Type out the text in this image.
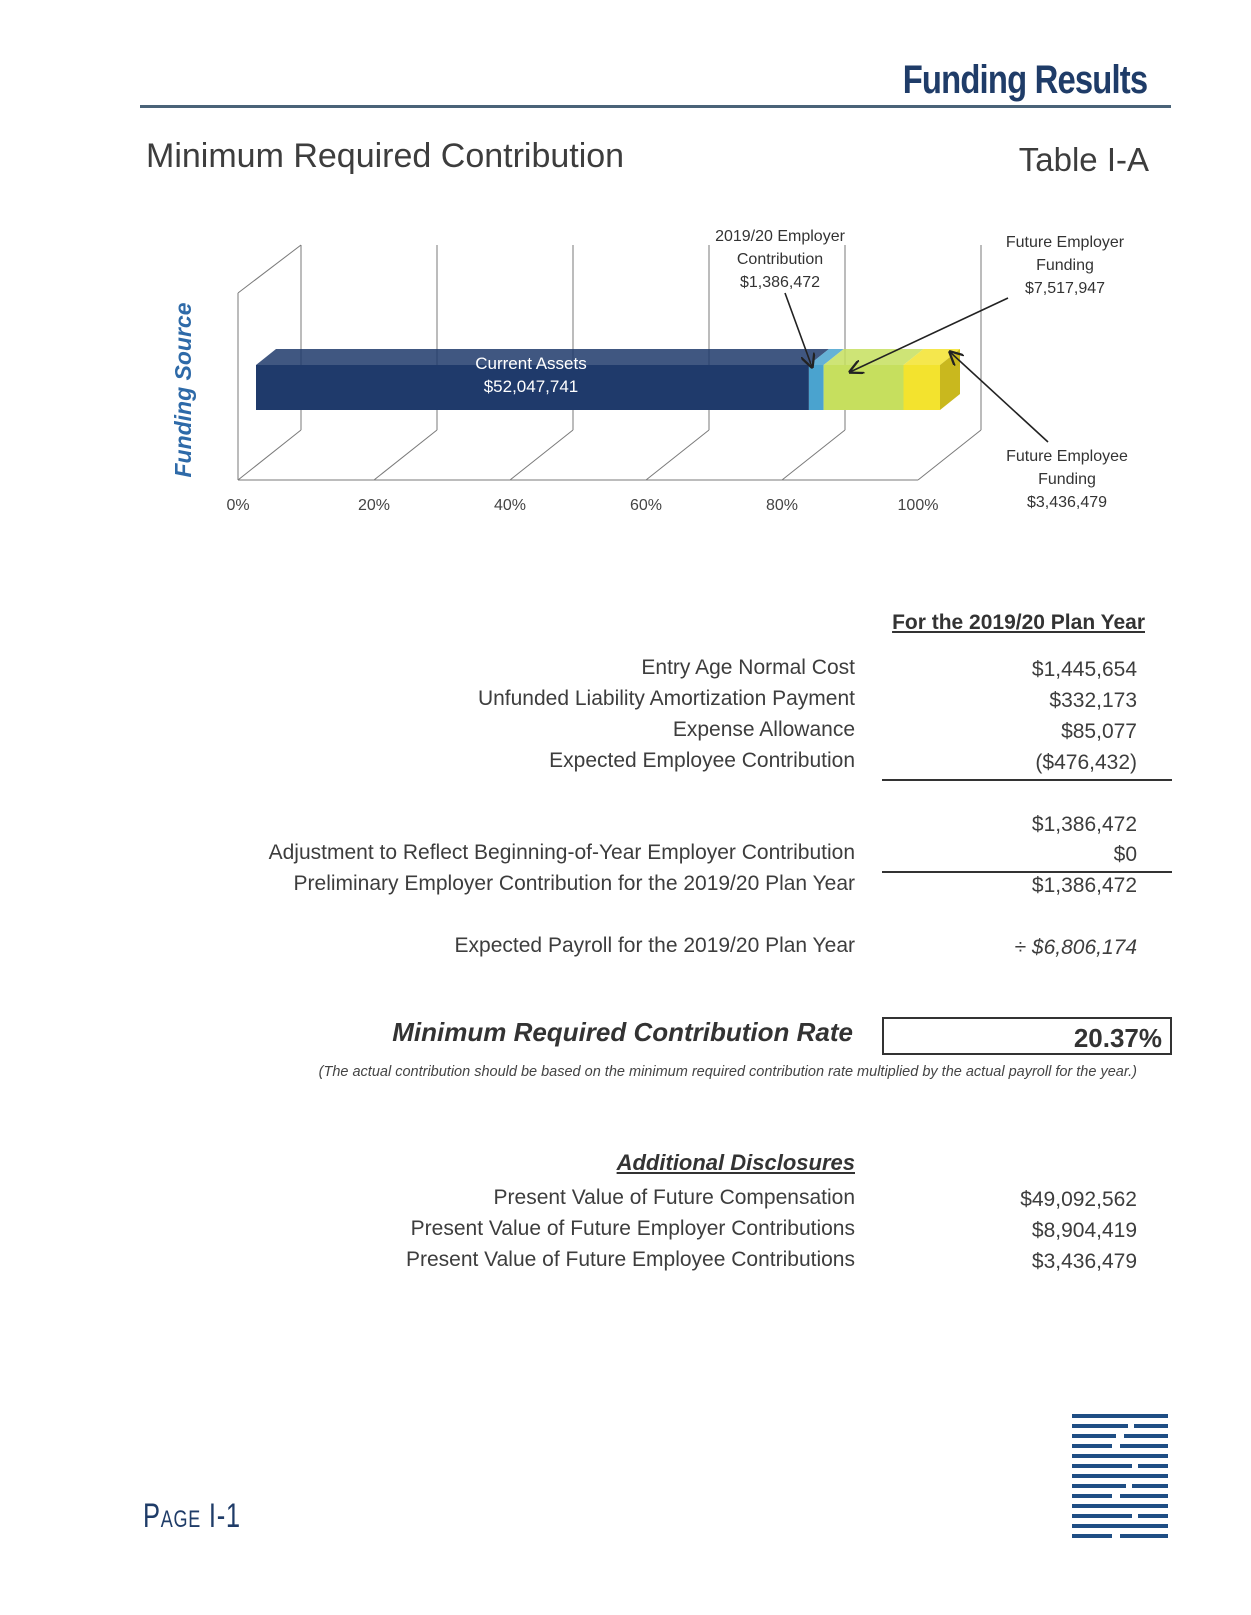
Funding Results
Minimum Required Contribution	Table I-A
Funding Source
0%	20%	40%	60%	80%	100%
Current Assets
$52,047,741
2019/20 Employer
Contribution
$1,386,472
Future Employer
Funding
$7,517,947
Future Employee
Funding
$3,436,479
For the 2019/20 Plan Year
Entry Age Normal Cost	$1,445,654
Unfunded Liability Amortization Payment	$332,173
Expense Allowance	$85,077
Expected Employee Contribution	($476,432)
$1,386,472
Adjustment to Reflect Beginning-of-Year Employer Contribution	$0
Preliminary Employer Contribution for the 2019/20 Plan Year	$1,386,472
Expected Payroll for the 2019/20 Plan Year	÷ $6,806,174
Minimum Required Contribution Rate	20.37%
(The actual contribution should be based on the minimum required contribution rate multiplied by the actual payroll for the year.)
Additional Disclosures
Present Value of Future Compensation	$49,092,562
Present Value of Future Employer Contributions	$8,904,419
Present Value of Future Employee Contributions	$3,436,479
Page I-1
